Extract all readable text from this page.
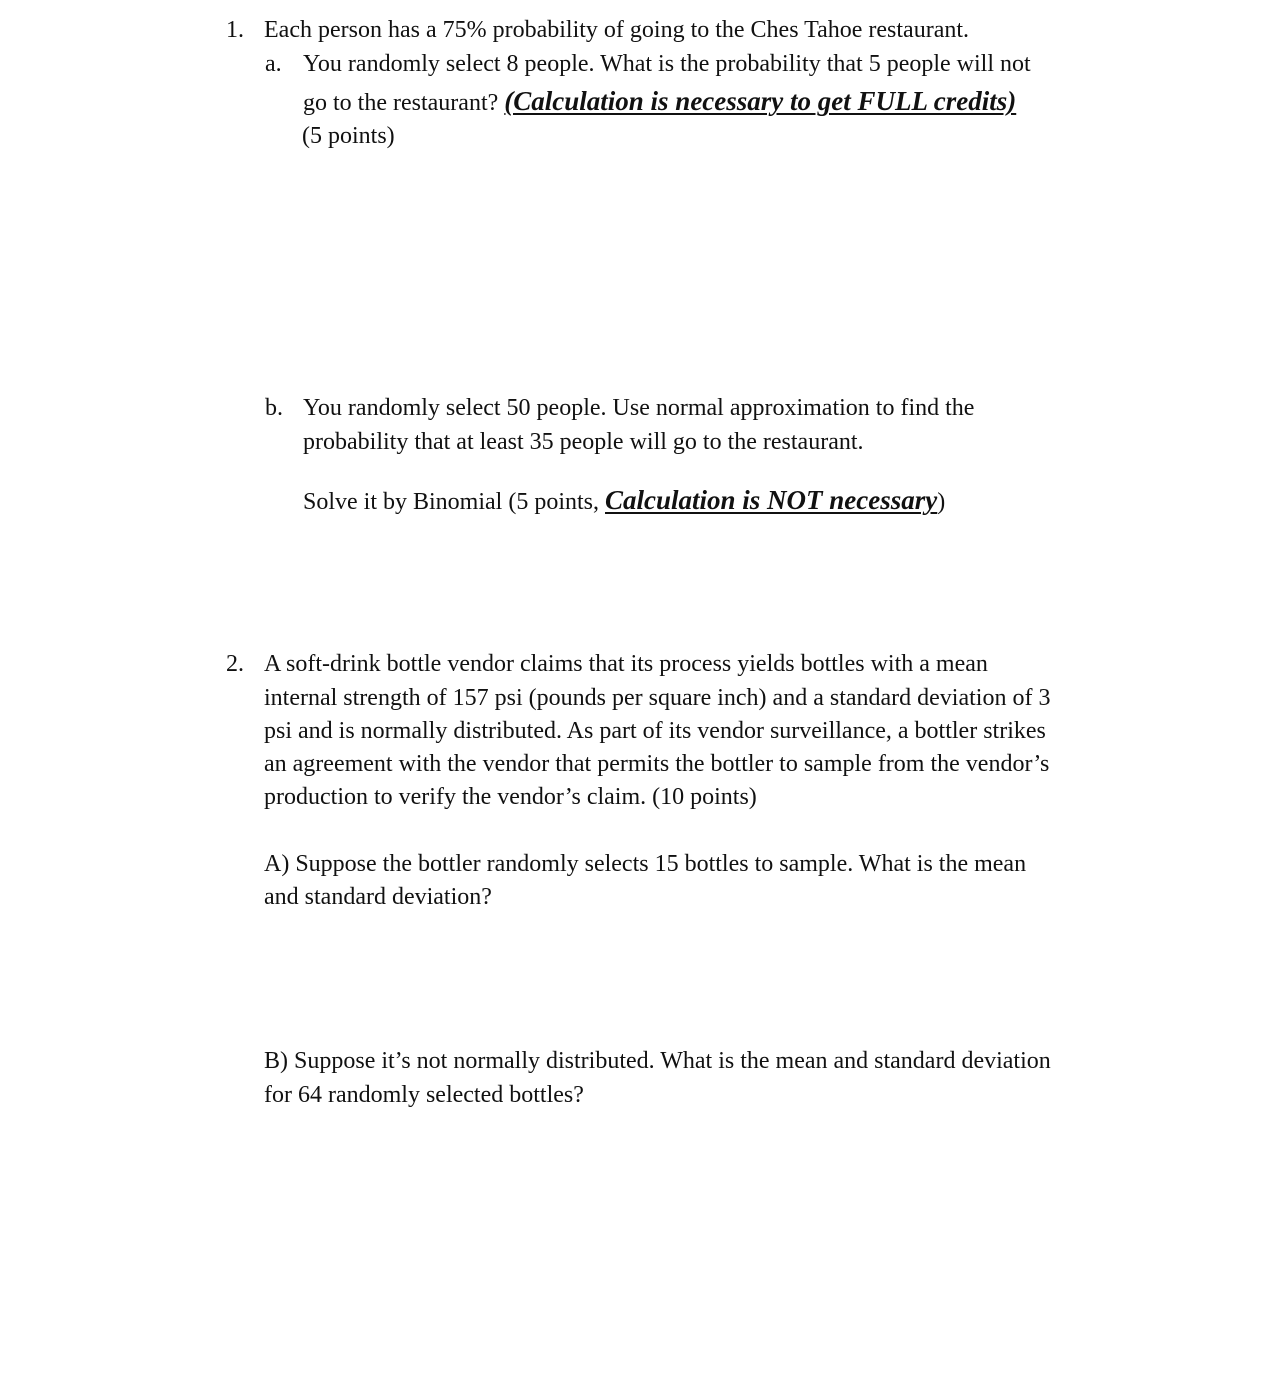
1. Each person has a 75% probability of going to the Ches Tahoe restaurant.
a. You randomly select 8 people. What is the probability that 5 people will not
go to the restaurant? (Calculation is necessary to get FULL credits)
(5 points)
b. You randomly select 50 people. Use normal approximation to find the
probability that at least 35 people will go to the restaurant.
Solve it by Binomial (5 points, Calculation is NOT necessary)
2. A soft-drink bottle vendor claims that its process yields bottles with a mean
internal strength of 157 psi (pounds per square inch) and a standard deviation of 3
psi and is normally distributed. As part of its vendor surveillance, a bottler strikes
an agreement with the vendor that permits the bottler to sample from the vendor’s
production to verify the vendor’s claim. (10 points)
A) Suppose the bottler randomly selects 15 bottles to sample. What is the mean
and standard deviation?
B) Suppose it’s not normally distributed. What is the mean and standard deviation
for 64 randomly selected bottles?
